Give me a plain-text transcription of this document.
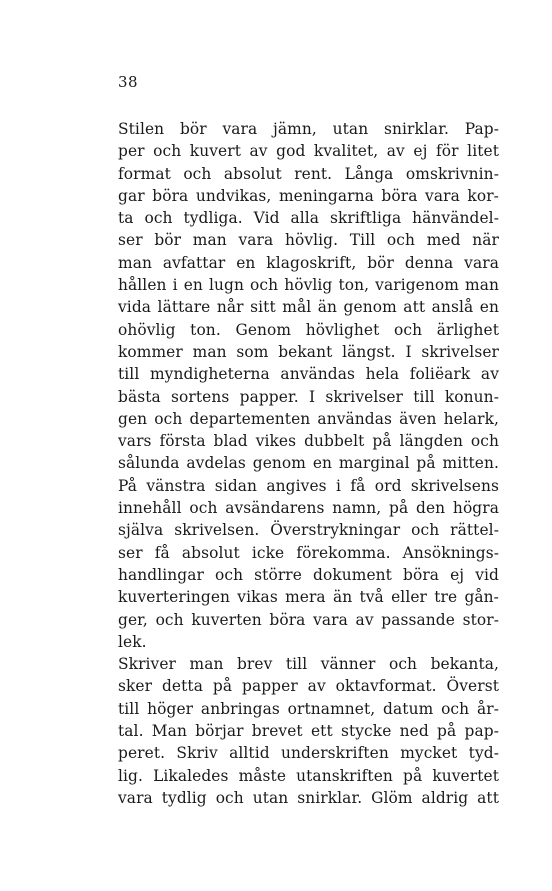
38
Stilen bör vara jämn, utan snirklar. Pap-
per och kuvert av god kvalitet, av ej för litet
format och absolut rent. Långa omskrivnin-
gar böra undvikas, meningarna böra vara kor-
ta och tydliga. Vid alla skriftliga hänvändel-
ser bör man vara hövlig. Till och med när
man avfattar en klagoskrift, bör denna vara
hållen i en lugn och hövlig ton, varigenom man
vida lättare når sitt mål än genom att anslå en
ohövlig ton. Genom hövlighet och ärlighet
kommer man som bekant längst. I skrivelser
till myndigheterna användas hela foliëark av
bästa sortens papper. I skrivelser till konun-
gen och departementen användas även helark,
vars första blad vikes dubbelt på längden och
sålunda avdelas genom en marginal på mitten.
På vänstra sidan angives i få ord skrivelsens
innehåll och avsändarens namn, på den högra
själva skrivelsen. Överstrykningar och rättel-
ser få absolut icke förekomma. Ansöknings-
handlingar och större dokument böra ej vid
kuverteringen vikas mera än två eller tre gån-
ger, och kuverten böra vara av passande stor-
lek.
Skriver man brev till vänner och bekanta,
sker detta på papper av oktavformat. Överst
till höger anbringas ortnamnet, datum och år-
tal. Man börjar brevet ett stycke ned på pap-
peret. Skriv alltid underskriften mycket tyd-
lig. Likaledes måste utanskriften på kuvertet
vara tydlig och utan snirklar. Glöm aldrig att
